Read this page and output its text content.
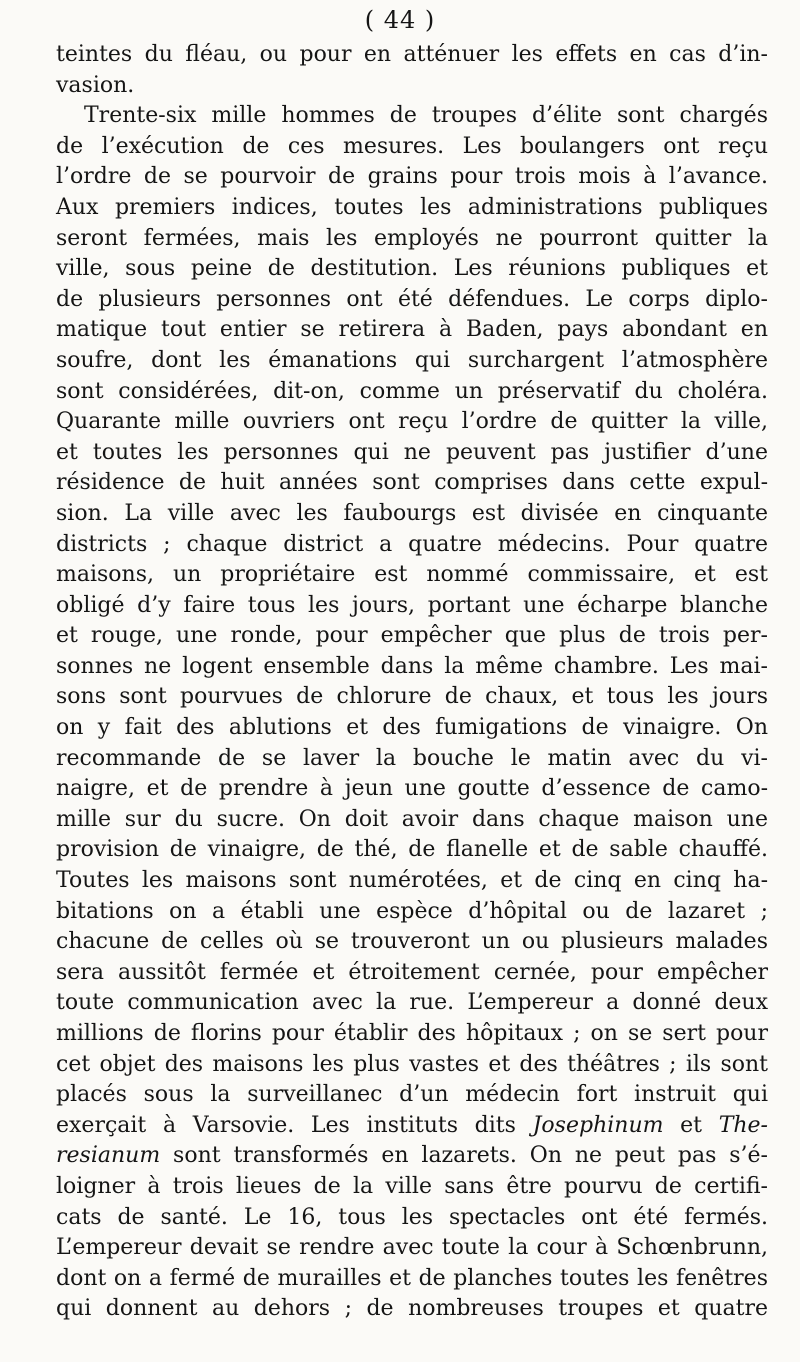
( 44 )
teintes du fléau, ou pour en atténuer les effets en cas d’in-
vasion.
Trente-six mille hommes de troupes d’élite sont chargés
de l’exécution de ces mesures. Les boulangers ont reçu
l’ordre de se pourvoir de grains pour trois mois à l’avance.
Aux premiers indices, toutes les administrations publiques
seront fermées, mais les employés ne pourront quitter la
ville, sous peine de destitution. Les réunions publiques et
de plusieurs personnes ont été défendues. Le corps diplo-
matique tout entier se retirera à Baden, pays abondant en
soufre, dont les émanations qui surchargent l’atmosphère
sont considérées, dit-on, comme un préservatif du choléra.
Quarante mille ouvriers ont reçu l’ordre de quitter la ville,
et toutes les personnes qui ne peuvent pas justifier d’une
résidence de huit années sont comprises dans cette expul-
sion. La ville avec les faubourgs est divisée en cinquante
districts ; chaque district a quatre médecins. Pour quatre
maisons, un propriétaire est nommé commissaire, et est
obligé d’y faire tous les jours, portant une écharpe blanche
et rouge, une ronde, pour empêcher que plus de trois per-
sonnes ne logent ensemble dans la même chambre. Les mai-
sons sont pourvues de chlorure de chaux, et tous les jours
on y fait des ablutions et des fumigations de vinaigre. On
recommande de se laver la bouche le matin avec du vi-
naigre, et de prendre à jeun une goutte d’essence de camo-
mille sur du sucre. On doit avoir dans chaque maison une
provision de vinaigre, de thé, de flanelle et de sable chauffé.
Toutes les maisons sont numérotées, et de cinq en cinq ha-
bitations on a établi une espèce d’hôpital ou de lazaret ;
chacune de celles où se trouveront un ou plusieurs malades
sera aussitôt fermée et étroitement cernée, pour empêcher
toute communication avec la rue. L’empereur a donné deux
millions de florins pour établir des hôpitaux ; on se sert pour
cet objet des maisons les plus vastes et des théâtres ; ils sont
placés sous la surveillanec d’un médecin fort instruit qui
exerçait à Varsovie. Les instituts dits Josephinum et The-
resianum sont transformés en lazarets. On ne peut pas s’é-
loigner à trois lieues de la ville sans être pourvu de certifi-
cats de santé. Le 16, tous les spectacles ont été fermés.
L’empereur devait se rendre avec toute la cour à Schœnbrunn,
dont on a fermé de murailles et de planches toutes les fenêtres
qui donnent au dehors ; de nombreuses troupes et quatre
